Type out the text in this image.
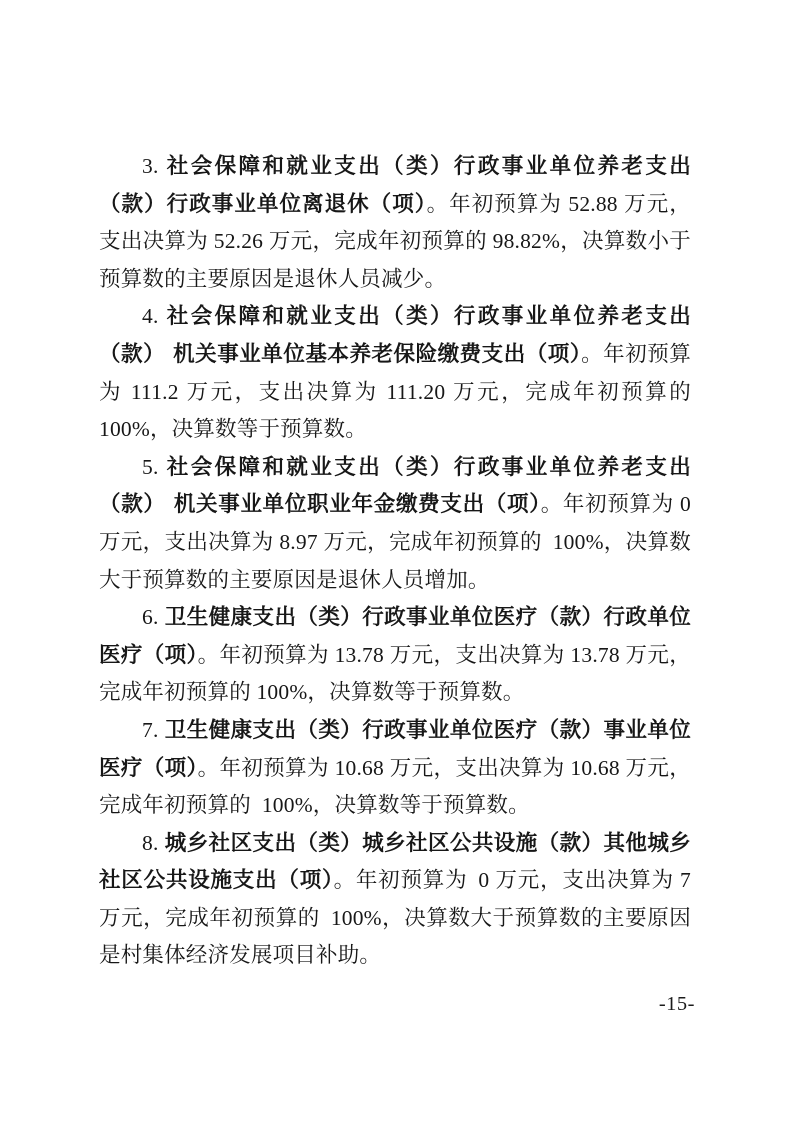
3. 社会保障和就业支出（类）行政事业单位养老支出（款）行政事业单位离退休（项）。年初预算为 52.88 万元，支出决算为 52.26 万元，完成年初预算的 98.82%，决算数小于预算数的主要原因是退休人员减少。

4. 社会保障和就业支出（类）行政事业单位养老支出（款） 机关事业单位基本养老保险缴费支出（项）。年初预算为 111.2 万元，支出决算为 111.20 万元，完成年初预算的 100%，决算数等于预算数。

5. 社会保障和就业支出（类）行政事业单位养老支出（款） 机关事业单位职业年金缴费支出（项）。年初预算为 0 万元，支出决算为 8.97 万元，完成年初预算的 100%，决算数大于预算数的主要原因是退休人员增加。

6. 卫生健康支出（类）行政事业单位医疗（款）行政单位医疗（项）。年初预算为 13.78 万元，支出决算为 13.78 万元，完成年初预算的 100%，决算数等于预算数。

7. 卫生健康支出（类）行政事业单位医疗（款）事业单位医疗（项）。年初预算为 10.68 万元，支出决算为 10.68 万元，完成年初预算的 100%，决算数等于预算数。

8. 城乡社区支出（类）城乡社区公共设施（款）其他城乡社区公共设施支出（项）。年初预算为 0 万元，支出决算为 7 万元，完成年初预算的 100%，决算数大于预算数的主要原因是村集体经济发展项目补助。

-15-
